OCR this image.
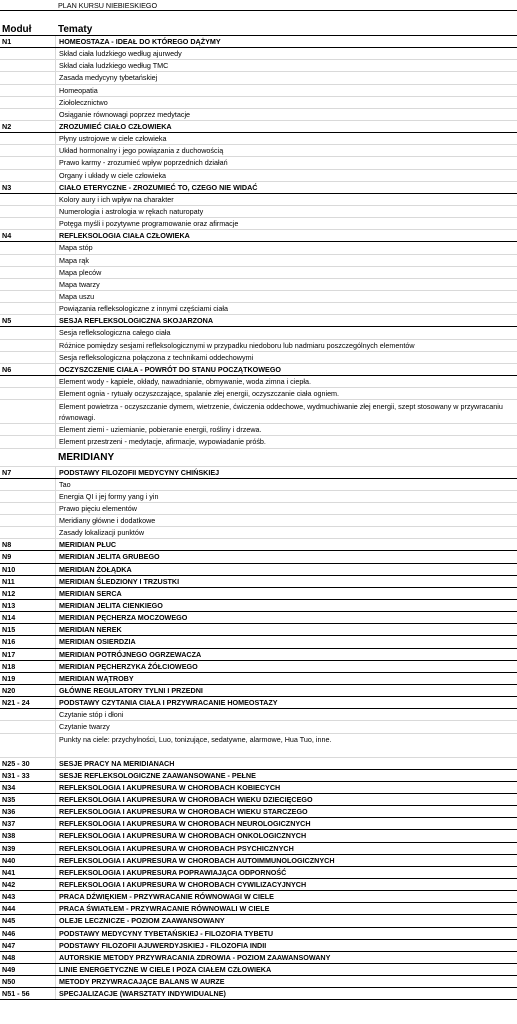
PLAN KURSU NIEBIESKIEGO
Moduł	Tematy
N1	HOMEOSTAZA - IDEAŁ DO KTÓREGO DĄŻYMY
Skład ciała ludzkiego według ajurwedy
Skład ciała ludzkiego według TMC
Zasada medycyny tybetańskiej
Homeopatia
Ziołolecznictwo
Osiąganie równowagi poprzez medytacje
N2	ZROZUMIEĆ CIAŁO CZŁOWIEKA
Płyny ustrojowe w ciele człowieka
Układ hormonalny i jego powiązania z duchowością
Prawo karmy - zrozumieć wpływ poprzednich działań
Organy i układy w ciele człowieka
N3	CIAŁO ETERYCZNE - ZROZUMIEĆ TO, CZEGO NIE WIDAĆ
Kolory aury i ich wpływ na charakter
Numerologia i astrologia w rękach naturopaty
Potęga myśli i pozytywne programowanie oraz afirmacje
N4	REFLEKSOLOGIA CIAŁA CZŁOWIEKA
Mapa stóp
Mapa rąk
Mapa pleców
Mapa twarzy
Mapa uszu
Powiązania refleksologiczne z innymi częściami ciała
N5	SESJA REFLEKSOLOGICZNA SKOJARZONA
Sesja refleksologiczna całego ciała
Różnice pomiędzy sesjami refleksologicznymi w przypadku niedoboru lub nadmiaru poszczególnych elementów
Sesja refleksologiczna połączona z technikami oddechowymi
N6	OCZYSZCZENIE CIAŁA - POWRÓT DO STANU POCZĄTKOWEGO
Element wody - kąpiele, okłady, nawadnianie, obmywanie, woda zimna i ciepła.
Element ognia - rytuały oczyszczające, spalanie złej energii, oczyszczanie ciała ogniem.
Element powietrza - oczyszczanie dymem, wietrzenie, ćwiczenia oddechowe, wydmuchiwanie złej energii, szept stosowany w przywracaniu równowagi.
Element ziemi - uziemianie, pobieranie energii, rośliny i drzewa.
Element przestrzeni - medytacje, afirmacje, wypowiadanie próśb.
MERIDIANY
N7	PODSTAWY FILOZOFII MEDYCYNY CHIŃSKIEJ
Tao
Energia QI i jej formy yang i yin
Prawo pięciu elementów
Meridiany główne i dodatkowe
Zasady lokalizacji punktów
N8	MERIDIAN PŁUC
N9	MERIDIAN JELITA GRUBEGO
N10	MERIDIAN ŻOŁĄDKA
N11	MERIDIAN ŚLEDZIONY I TRZUSTKI
N12	MERIDIAN SERCA
N13	MERIDIAN JELITA CIENKIEGO
N14	MERIDIAN PĘCHERZA MOCZOWEGO
N15	MERIDIAN NEREK
N16	MERIDIAN OSIERDZIA
N17	MERIDIAN POTRÓJNEGO OGRZEWACZA
N18	MERIDIAN PĘCHERZYKA ŻÓŁCIOWEGO
N19	MERIDIAN WĄTROBY
N20	GŁÓWNE REGULATORY TYLNI I PRZEDNI
N21 - 24	PODSTAWY CZYTANIA CIAŁA I PRZYWRACANIE HOMEOSTAZY
Czytanie stóp i dłoni
Czytanie twarzy
Punkty na ciele: przychylności, Luo, tonizujące, sedatywne, alarmowe, Hua Tuo, inne.
N25 - 30	SESJE PRACY NA MERIDIANACH
N31 - 33	SESJE REFLEKSOLOGICZNE ZAAWANSOWANE - PEŁNE
N34	REFLEKSOLOGIA I AKUPRESURA W CHOROBACH KOBIECYCH
N35	REFLEKSOLOGIA I AKUPRESURA W CHOROBACH WIEKU DZIECIĘCEGO
N36	REFLEKSOLOGIA I AKUPRESURA W CHOROBACH WIEKU STARCZEGO
N37	REFLEKSOLOGIA I AKUPRESURA W CHOROBACH NEUROLOGICZNYCH
N38	REFLEKSOLOGIA I AKUPRESURA W CHOROBACH ONKOLOGICZNYCH
N39	REFLEKSOLOGIA I AKUPRESURA W CHOROBACH PSYCHICZNYCH
N40	REFLEKSOLOGIA I AKUPRESURA W CHOROBACH AUTOIMMUNOLOGICZNYCH
N41	REFLEKSOLOGIA I AKUPRESURA POPRAWIAJĄCA ODPORNOŚĆ
N42	REFLEKSOLOGIA I AKUPRESURA W CHOROBACH CYWILIZACYJNYCH
N43	PRACA DŹWIĘKIEM - PRZYWRACANIE RÓWNOWAGI W CIELE
N44	PRACA ŚWIATŁEM - PRZYWRACANIE RÓWNOWALI W CIELE
N45	OLEJE LECZNICZE - POZIOM ZAAWANSOWANY
N46	PODSTAWY MEDYCYNY TYBETAŃSKIEJ - FILOZOFIA TYBETU
N47	PODSTAWY FILOZOFII AJUWERDYJSKIEJ - FILOZOFIA INDII
N48	AUTORSKIE METODY PRZYWRACANIA ZDROWIA - POZIOM ZAAWANSOWANY
N49	LINIE ENERGETYCZNE W CIELE I POZA CIAŁEM CZŁOWIEKA
N50	METODY PRZYWRACAJĄCE BALANS W AURZE
N51 - 56	SPECJALIZACJE (WARSZTATY INDYWIDUALNE)
